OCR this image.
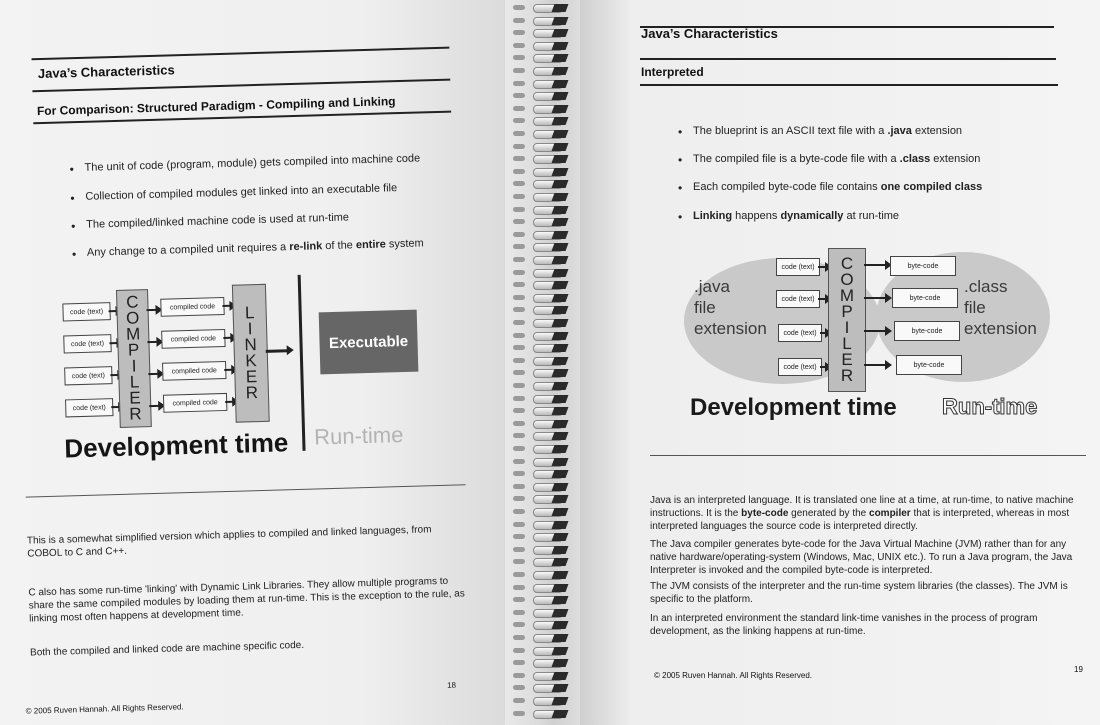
Java’s Characteristics
For Comparison: Structured Paradigm - Compiling and Linking
• The unit of code (program, module) gets compiled into machine code
• Collection of compiled modules get linked into an executable file
• The compiled/linked machine code is used at run-time
• Any change to a compiled unit requires a re-link of the entire system
code (text)
code (text)
code (text)
code (text)
C
O
M
P
I
L
E
R
compiled code
compiled code
compiled code
compiled code
L
I
N
K
E
R
Executable
Development time Run-time
This is a somewhat simplified version which applies to compiled and linked languages, from COBOL to C and C++.
C also has some run-time 'linking' with Dynamic Link Libraries. They allow multiple programs to share the same compiled modules by loading them at run-time. This is the exception to the rule, as linking most often happens at development time.
Both the compiled and linked code are machine specific code.
© 2005 Ruven Hannah. All Rights Reserved.
18
Java’s Characteristics
Interpreted
• The blueprint is an ASCII text file with a .java extension
• The compiled file is a byte-code file with a .class extension
• Each compiled byte-code file contains one compiled class
• Linking happens dynamically at run-time
.java
file
extension
.class
file
extension
code (text)
code (text)
code (text)
code (text)
C
O
M
P
I
L
E
R
byte-code
byte-code
byte-code
byte-code
Development time Run-time
Java is an interpreted language. It is translated one line at a time, at run-time, to native machine instructions. It is the byte-code generated by the compiler that is interpreted, whereas in most interpreted languages the source code is interpreted directly.
The Java compiler generates byte-code for the Java Virtual Machine (JVM) rather than for any native hardware/operating-system (Windows, Mac, UNIX etc.). To run a Java program, the Java Interpreter is invoked and the compiled byte-code is interpreted.
The JVM consists of the interpreter and the run-time system libraries (the classes). The JVM is specific to the platform.
In an interpreted environment the standard link-time vanishes in the process of program development, as the linking happens at run-time.
© 2005 Ruven Hannah. All Rights Reserved.
19
